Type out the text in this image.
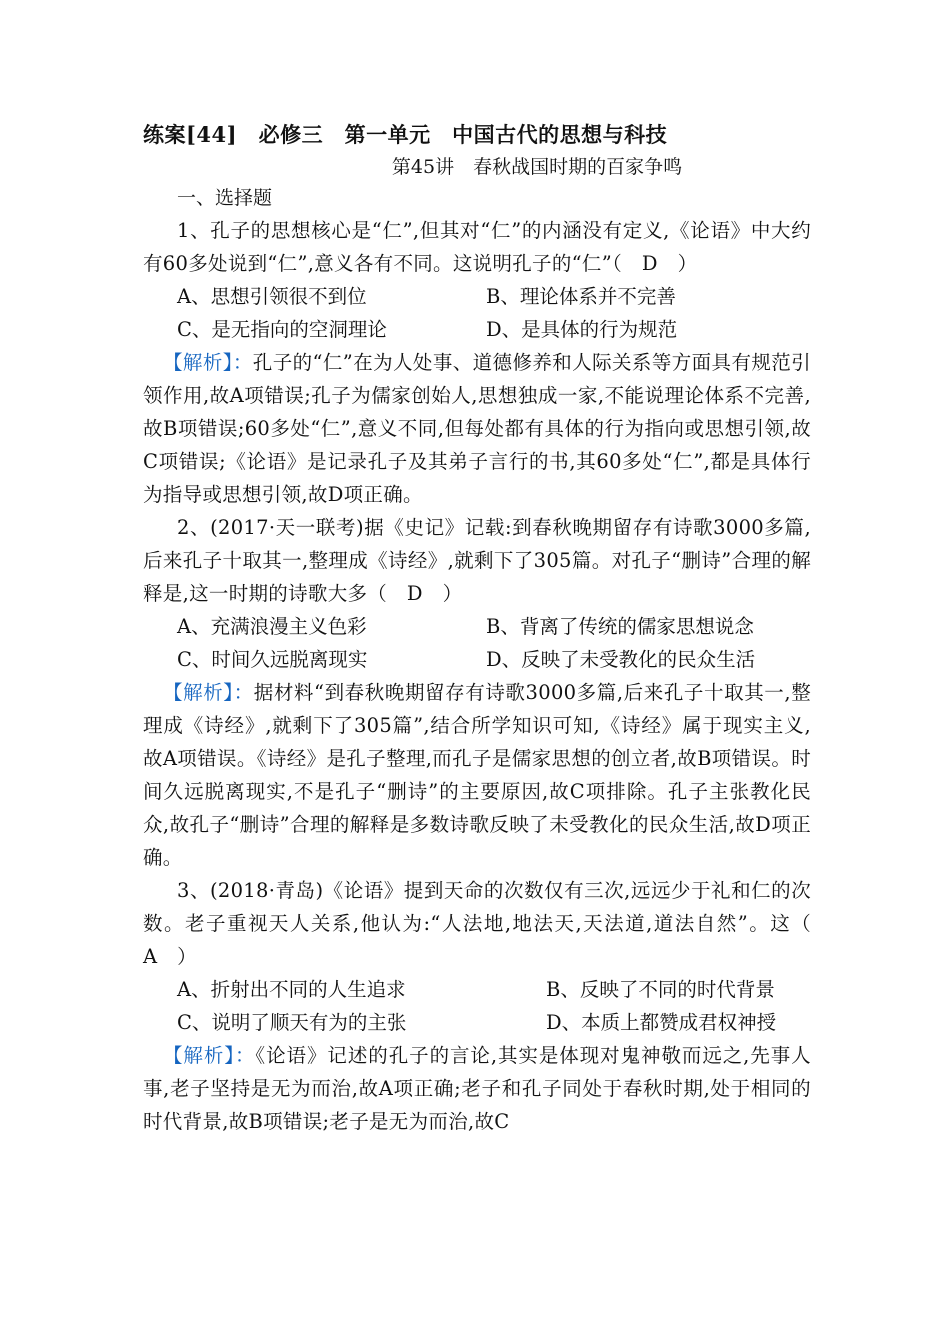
练案[44]　必修三　第一单元　中国古代的思想与科技
第45讲　春秋战国时期的百家争鸣
一、选择题

1、孔子的思想核心是“仁”,但其对“仁”的内涵没有定义,《论语》中大约有60多处说到“仁”,意义各有不同。这说明孔子的“仁”（　D　）

A、思想引领很不到位	B、理论体系并不完善
C、是无指向的空洞理论	D、是具体的行为规范

【解析】：孔子的“仁”在为人处事、道德修养和人际关系等方面具有规范引领作用,故A项错误;孔子为儒家创始人,思想独成一家,不能说理论体系不完善,故B项错误;60多处“仁”,意义不同,但每处都有具体的行为指向或思想引领,故C项错误;《论语》是记录孔子及其弟子言行的书,其60多处“仁”,都是具体行为指导或思想引领,故D项正确。

2、(2017·天一联考)据《史记》记载:到春秋晚期留存有诗歌3000多篇,后来孔子十取其一,整理成《诗经》,就剩下了305篇。对孔子“删诗”合理的解释是,这一时期的诗歌大多（　D　）

A、充满浪漫主义色彩	B、背离了传统的儒家思想说念
C、时间久远脱离现实	D、反映了未受教化的民众生活

【解析】：据材料“到春秋晚期留存有诗歌3000多篇,后来孔子十取其一,整理成《诗经》,就剩下了305篇”,结合所学知识可知,《诗经》属于现实主义,故A项错误。《诗经》是孔子整理,而孔子是儒家思想的创立者,故B项错误。时间久远脱离现实,不是孔子“删诗”的主要原因,故C项排除。孔子主张教化民众,故孔子“删诗”合理的解释是多数诗歌反映了未受教化的民众生活,故D项正确。

3、(2018·青岛)《论语》提到天命的次数仅有三次,远远少于礼和仁的次数。老子重视天人关系,他认为:“人法地,地法天,天法道,道法自然”。这（　A　）

A、折射出不同的人生追求	B、反映了不同的时代背景
C、说明了顺天有为的主张	D、本质上都赞成君权神授

【解析】：《论语》记述的孔子的言论,其实是体现对鬼神敬而远之,先事人事,老子坚持是无为而治,故A项正确;老子和孔子同处于春秋时期,处于相同的时代背景,故B项错误;老子是无为而治,故C
